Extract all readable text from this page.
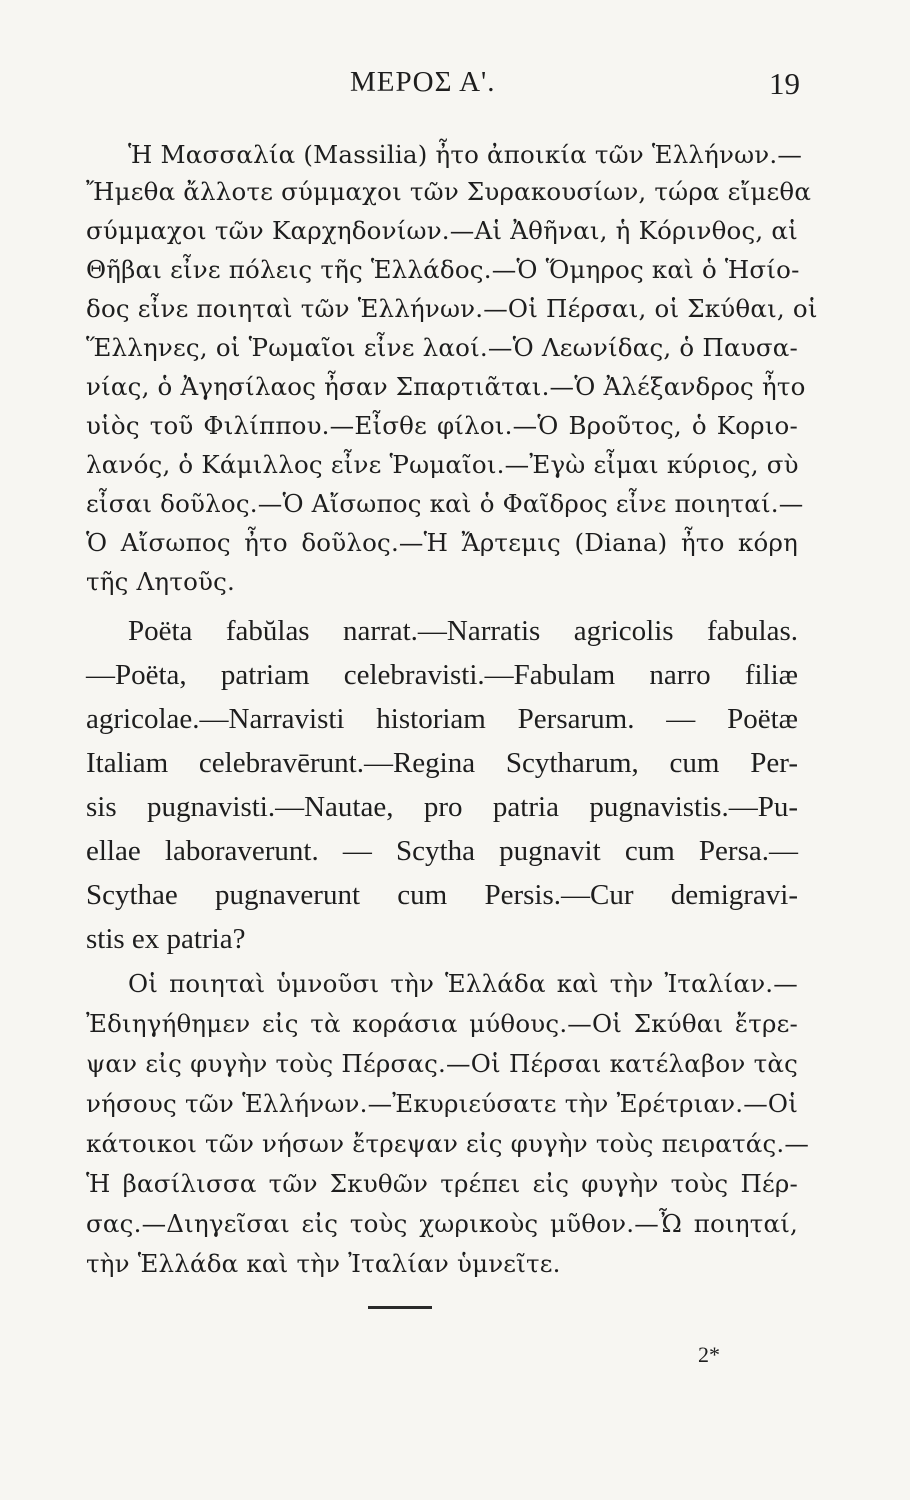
ΜΕΡΟΣ Α'.	19
Ἡ Μασσαλία (Massilia) ἦτο ἀποικία τῶν Ἑλλήνων.—
Ἤμεθα ἄλλοτε σύμμαχοι τῶν Συρακουσίων, τώρα εἴμεθα
σύμμαχοι τῶν Καρχηδονίων.—Αἱ Ἀθῆναι, ἡ Κόρινθος, αἱ
Θῆβαι εἶνε πόλεις τῆς Ἑλλάδος.—Ὁ Ὅμηρος καὶ ὁ Ἡσίο-
δος εἶνε ποιηταὶ τῶν Ἑλλήνων.—Οἱ Πέρσαι, οἱ Σκύθαι, οἱ
Ἕλληνες, οἱ Ῥωμαῖοι εἶνε λαοί.—Ὁ Λεωνίδας, ὁ Παυσα-
νίας, ὁ Ἀγησίλαος ἦσαν Σπαρτιᾶται.—Ὁ Ἀλέξανδρος ἦτο
υἱὸς τοῦ Φιλίππου.—Εἶσθε φίλοι.—Ὁ Βροῦτος, ὁ Κοριο-
λανός, ὁ Κάμιλλος εἶνε Ῥωμαῖοι.—Ἐγὼ εἶμαι κύριος, σὺ
εἶσαι δοῦλος.—Ὁ Αἴσωπος καὶ ὁ Φαῖδρος εἶνε ποιηταί.—
Ὁ Αἴσωπος ἦτο δοῦλος.—Ἡ Ἄρτεμις (Diana) ἦτο κόρη
τῆς Λητοῦς.
Poëta fabŭlas narrat.—Narratis agricolis fabulas.
—Poëta, patriam celebravisti.—Fabulam narro filiæ
agricolae.—Narravisti historiam Persarum. — Poëtæ
Italiam celebravērunt.—Regina Scytharum, cum Per-
sis pugnavisti.—Nautae, pro patria pugnavistis.—Pu-
ellae laboraverunt. — Scytha pugnavit cum Persa.—
Scythae pugnaverunt cum Persis.—Cur demigravi-
stis ex patria?
Οἱ ποιηταὶ ὑμνοῦσι τὴν Ἑλλάδα καὶ τὴν Ἰταλίαν.—
Ἐδιηγήθημεν εἰς τὰ κοράσια μύθους.—Οἱ Σκύθαι ἔτρε-
ψαν εἰς φυγὴν τοὺς Πέρσας.—Οἱ Πέρσαι κατέλαβον τὰς
νήσους τῶν Ἑλλήνων.—Ἐκυριεύσατε τὴν Ἐρέτριαν.—Οἱ
κάτοικοι τῶν νήσων ἔτρεψαν εἰς φυγὴν τοὺς πειρατάς.—
Ἡ βασίλισσα τῶν Σκυθῶν τρέπει εἰς φυγὴν τοὺς Πέρ-
σας.—Διηγεῖσαι εἰς τοὺς χωρικοὺς μῦθον.—Ὦ ποιηταί,
τὴν Ἑλλάδα καὶ τὴν Ἰταλίαν ὑμνεῖτε.
2*
